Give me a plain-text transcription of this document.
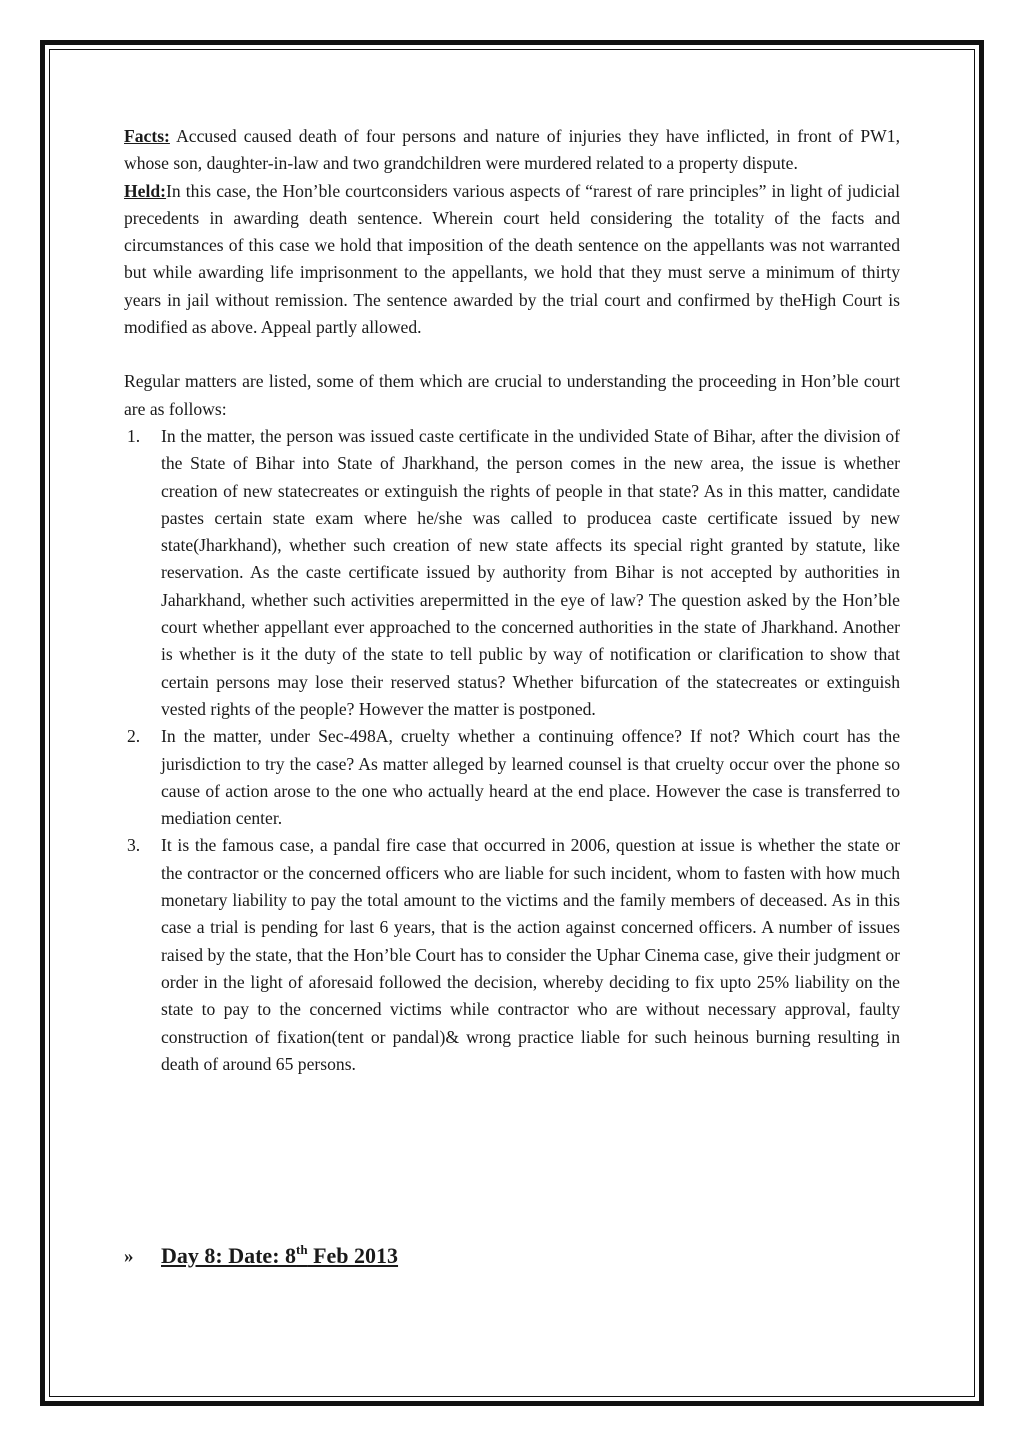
Facts: Accused caused death of four persons and nature of injuries they have inflicted, in front of PW1, whose son, daughter-in-law and two grandchildren were murdered related to a property dispute.

Held:In this case, the Hon’ble courtconsiders various aspects of “rarest of rare principles” in light of judicial precedents in awarding death sentence. Wherein court held considering the totality of the facts and circumstances of this case we hold that imposition of the death sentence on the appellants was not warranted but while awarding life imprisonment to the appellants, we hold that they must serve a minimum of thirty years in jail without remission. The sentence awarded by the trial court and confirmed by theHigh Court is modified as above. Appeal partly allowed.

Regular matters are listed, some of them which are crucial to understanding the proceeding in Hon’ble court are as follows:

1. In the matter, the person was issued caste certificate in the undivided State of Bihar, after the division of the State of Bihar into State of Jharkhand, the person comes in the new area, the issue is whether creation of new statecreates or extinguish the rights of people in that state? As in this matter, candidate pastes certain state exam where he/she was called to producea caste certificate issued by new state(Jharkhand), whether such creation of new state affects its special right granted by statute, like reservation. As the caste certificate issued by authority from Bihar is not accepted by authorities in Jaharkhand, whether such activities arepermitted in the eye of law? The question asked by the Hon’ble court whether appellant ever approached to the concerned authorities in the state of Jharkhand. Another is whether is it the duty of the state to tell public by way of notification or clarification to show that certain persons may lose their reserved status? Whether bifurcation of the statecreates or extinguish vested rights of the people? However the matter is postponed.
2. In the matter, under Sec-498A, cruelty whether a continuing offence? If not? Which court has the jurisdiction to try the case? As matter alleged by learned counsel is that cruelty occur over the phone so cause of action arose to the one who actually heard at the end place. However the case is transferred to mediation center.
3. It is the famous case, a pandal fire case that occurred in 2006, question at issue is whether the state or the contractor or the concerned officers who are liable for such incident, whom to fasten with how much monetary liability to pay the total amount to the victims and the family members of deceased. As in this case a trial is pending for last 6 years, that is the action against concerned officers. A number of issues raised by the state, that the Hon’ble Court has to consider the Uphar Cinema case, give their judgment or order in the light of aforesaid followed the decision, whereby deciding to fix upto 25% liability on the state to pay to the concerned victims while contractor who are without necessary approval, faulty construction of fixation(tent or pandal)& wrong practice liable for such heinous burning resulting in death of around 65 persons.
» Day 8: Date: 8th Feb 2013
